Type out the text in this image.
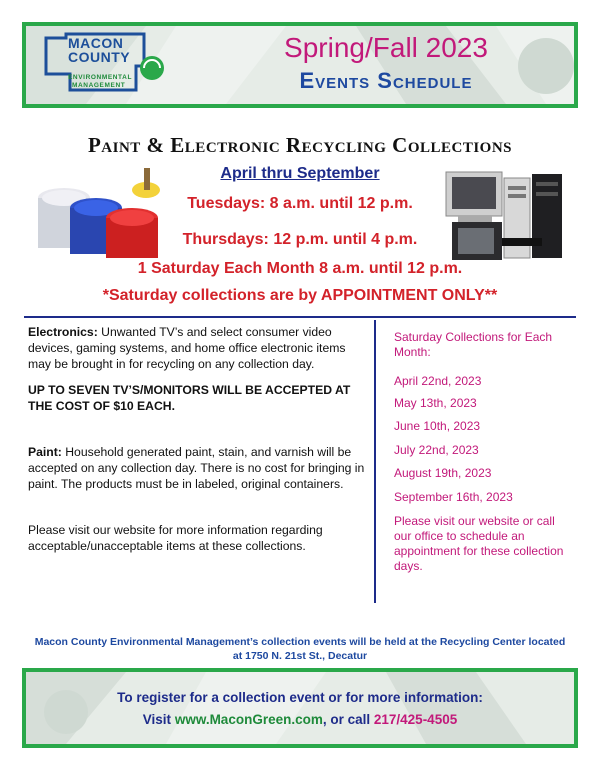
MACON
COUNTY
ENVIRONMENTAL
MANAGEMENT
Spring/Fall 2023
Events Schedule
Paint & Electronic Recycling Collections
April thru September
Tuesdays: 8 a.m. until 12 p.m.
Thursdays: 12 p.m. until 4 p.m.
1 Saturday Each Month 8 a.m. until 12 p.m.
*Saturday collections are by APPOINTMENT ONLY**

Electronics: Unwanted TV’s and select consumer video devices, gaming systems, and home office electronic items may be brought in for recycling on any collection day.

UP TO SEVEN TV’S/MONITORS WILL BE ACCEPTED AT THE COST OF $10 EACH.

Paint: Household generated paint, stain, and varnish will be accepted on any collection day. There is no cost for bringing in paint. The products must be in labeled, original containers.

Please visit our website for more information regarding acceptable/unacceptable items at these collections.

Saturday Collections for Each Month:
April 22nd, 2023
May 13th, 2023
June 10th, 2023
July 22nd, 2023
August 19th, 2023
September 16th, 2023
Please visit our website or call our office to schedule an appointment for these collection days.
Macon County Environmental Management’s collection events will be held at the Recycling Center located at 1750 N. 21st St., Decatur
To register for a collection event or for more information:
Visit www.MaconGreen.com, or call 217/425-4505
